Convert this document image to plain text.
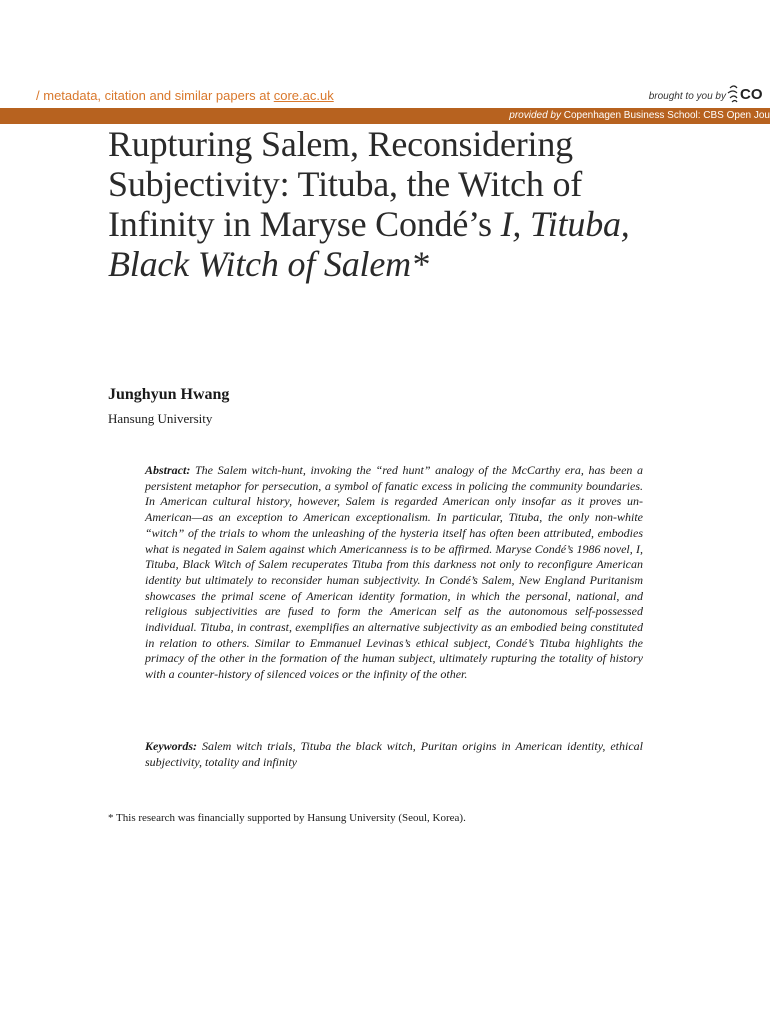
/ metadata, citation and similar papers at core.ac.uk	brought to you by CO
provided by Copenhagen Business School: CBS Open Jou
Rupturing Salem, Reconsidering Subjectivity: Tituba, the Witch of Infinity in Maryse Condé’s I, Tituba, Black Witch of Salem*
Junghyun Hwang
Hansung University

Abstract: The Salem witch-hunt, invoking the “red hunt” analogy of the McCarthy era, has been a persistent metaphor for persecution, a symbol of fanatic excess in policing the community boundaries. In American cultural history, however, Salem is regarded American only insofar as it proves un-American—as an exception to American exceptionalism. In particular, Tituba, the only non-white “witch” of the trials to whom the unleashing of the hysteria itself has often been attributed, embodies what is negated in Salem against which Americanness is to be affirmed. Maryse Condé’s 1986 novel, I, Tituba, Black Witch of Salem recuperates Tituba from this darkness not only to reconfigure American identity but ultimately to reconsider human subjectivity. In Condé’s Salem, New England Puritanism showcases the primal scene of American identity formation, in which the personal, national, and religious subjectivities are fused to form the American self as the autonomous self-possessed individual. Tituba, in contrast, exemplifies an alternative subjectivity as an embodied being constituted in relation to others. Similar to Emmanuel Levinas’s ethical subject, Condé’s Tituba highlights the primacy of the other in the formation of the human subject, ultimately rupturing the totality of history with a counter-history of silenced voices or the infinity of the other.

Keywords: Salem witch trials, Tituba the black witch, Puritan origins in American identity, ethical subjectivity, totality and infinity

* This research was financially supported by Hansung University (Seoul, Korea).
